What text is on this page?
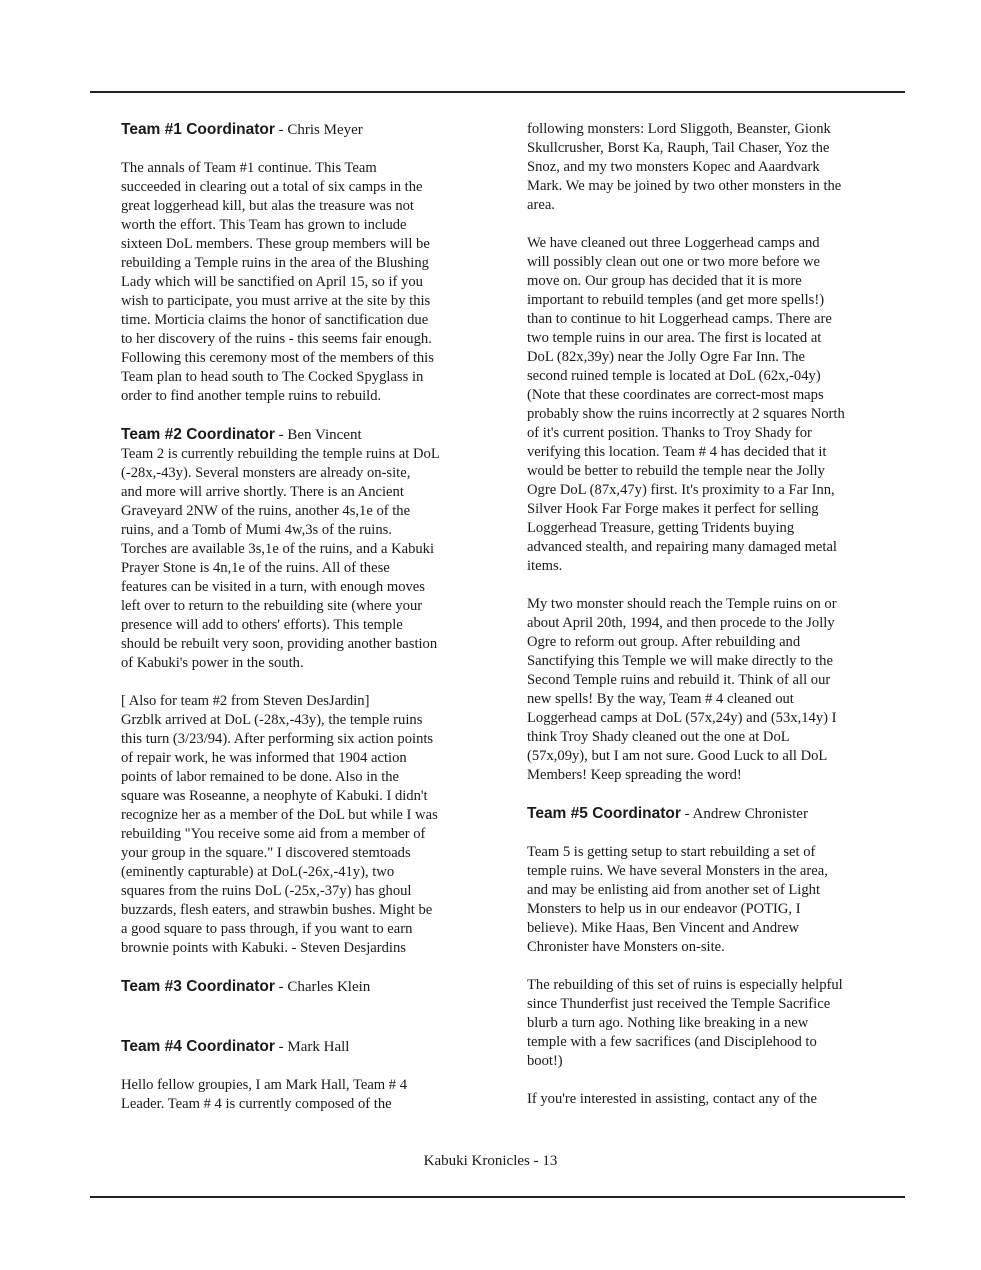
Team #1 Coordinator - Chris Meyer

The annals of Team #1 continue. This Team
succeeded in clearing out a total of six camps in the
great loggerhead kill, but alas the treasure was not
worth the effort. This Team has grown to include
sixteen DoL members. These group members will be
rebuilding a Temple ruins in the area of the Blushing
Lady which will be sanctified on April 15, so if you
wish to participate, you must arrive at the site by this
time. Morticia claims the honor of sanctification due
to her discovery of the ruins - this seems fair enough.
Following this ceremony most of the members of this
Team plan to head south to The Cocked Spyglass in
order to find another temple ruins to rebuild.

Team #2 Coordinator - Ben Vincent

Team 2 is currently rebuilding the temple ruins at DoL
(-28x,-43y). Several monsters are already on-site,
and more will arrive shortly. There is an Ancient
Graveyard 2NW of the ruins, another 4s,1e of the
ruins, and a Tomb of Mumi 4w,3s of the ruins.
Torches are available 3s,1e of the ruins, and a Kabuki
Prayer Stone is 4n,1e of the ruins. All of these
features can be visited in a turn, with enough moves
left over to return to the rebuilding site (where your
presence will add to others' efforts). This temple
should be rebuilt very soon, providing another bastion
of Kabuki's power in the south.

[ Also for team #2 from Steven DesJardin]
Grzblk arrived at DoL (-28x,-43y), the temple ruins
this turn (3/23/94). After performing six action points
of repair work, he was informed that 1904 action
points of labor remained to be done. Also in the
square was Roseanne, a neophyte of Kabuki. I didn't
recognize her as a member of the DoL but while I was
rebuilding "You receive some aid from a member of
your group in the square." I discovered stemtoads
(eminently capturable) at DoL(-26x,-41y), two
squares from the ruins DoL (-25x,-37y) has ghoul
buzzards, flesh eaters, and strawbin bushes. Might be
a good square to pass through, if you want to earn
brownie points with Kabuki. - Steven Desjardins

Team #3 Coordinator - Charles Klein

Team #4 Coordinator - Mark Hall

Hello fellow groupies, I am Mark Hall, Team # 4
Leader. Team # 4 is currently composed of the

following monsters: Lord Sliggoth, Beanster, Gionk
Skullcrusher, Borst Ka, Rauph, Tail Chaser, Yoz the
Snoz, and my two monsters Kopec and Aaardvark
Mark. We may be joined by two other monsters in the
area.

We have cleaned out three Loggerhead camps and
will possibly clean out one or two more before we
move on. Our group has decided that it is more
important to rebuild temples (and get more spells!)
than to continue to hit Loggerhead camps. There are
two temple ruins in our area. The first is located at
DoL (82x,39y) near the Jolly Ogre Far Inn. The
second ruined temple is located at DoL (62x,-04y)
(Note that these coordinates are correct-most maps
probably show the ruins incorrectly at 2 squares North
of it's current position. Thanks to Troy Shady for
verifying this location. Team # 4 has decided that it
would be better to rebuild the temple near the Jolly
Ogre DoL (87x,47y) first. It's proximity to a Far Inn,
Silver Hook Far Forge makes it perfect for selling
Loggerhead Treasure, getting Tridents buying
advanced stealth, and repairing many damaged metal
items.

My two monster should reach the Temple ruins on or
about April 20th, 1994, and then procede to the Jolly
Ogre to reform out group. After rebuilding and
Sanctifying this Temple we will make directly to the
Second Temple ruins and rebuild it. Think of all our
new spells! By the way, Team # 4 cleaned out
Loggerhead camps at DoL (57x,24y) and (53x,14y) I
think Troy Shady cleaned out the one at DoL
(57x,09y), but I am not sure. Good Luck to all DoL
Members! Keep spreading the word!

Team #5 Coordinator - Andrew Chronister

Team 5 is getting setup to start rebuilding a set of
temple ruins. We have several Monsters in the area,
and may be enlisting aid from another set of Light
Monsters to help us in our endeavor (POTIG, I
believe). Mike Haas, Ben Vincent and Andrew
Chronister have Monsters on-site.

The rebuilding of this set of ruins is especially helpful
since Thunderfist just received the Temple Sacrifice
blurb a turn ago. Nothing like breaking in a new
temple with a few sacrifices (and Disciplehood to
boot!)

If you're interested in assisting, contact any of the

Kabuki Kronicles - 13
